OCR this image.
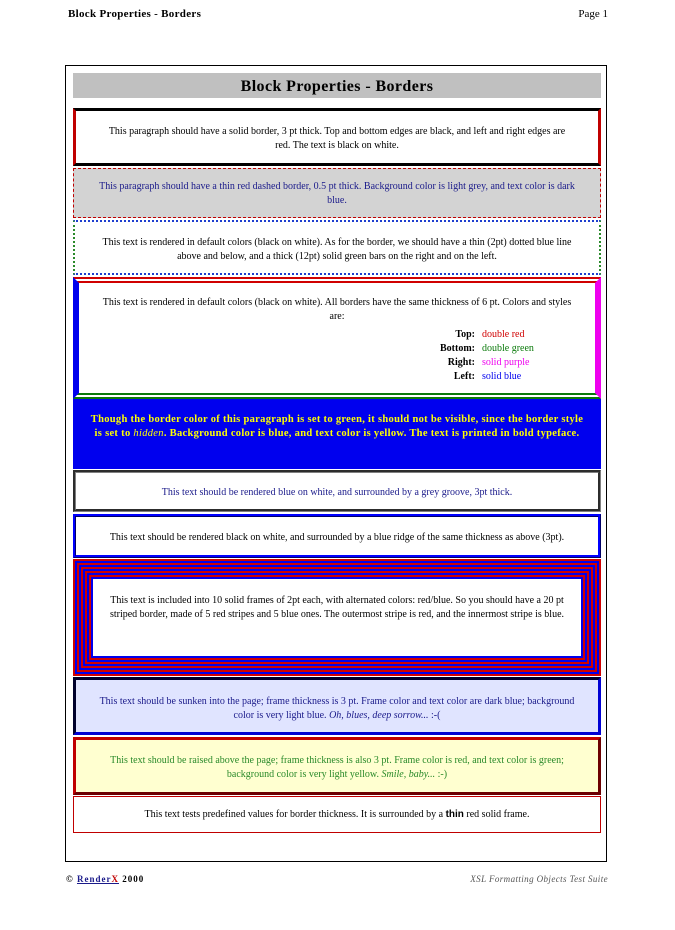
Block Properties - Borders	Page 1
Block Properties - Borders
This paragraph should have a solid border, 3 pt thick. Top and bottom edges are black, and left and right edges are red. The text is black on white.
This paragraph should have a thin red dashed border, 0.5 pt thick. Background color is light grey, and text color is dark blue.
This text is rendered in default colors (black on white). As for the border, we should have a thin (2pt) dotted blue line above and below, and a thick (12pt) solid green bars on the right and on the left.
This text is rendered in default colors (black on white). All borders have the same thickness of 6 pt. Colors and styles are:
Top: double red
Bottom: double green
Right: solid purple
Left: solid blue
Though the border color of this paragraph is set to green, it should not be visible, since the border style is set to hidden. Background color is blue, and text color is yellow. The text is printed in bold typeface.
This text should be rendered blue on white, and surrounded by a grey groove, 3pt thick.
This text should be rendered black on white, and surrounded by a blue ridge of the same thickness as above (3pt).
This text is included into 10 solid frames of 2pt each, with alternated colors: red/blue. So you should have a 20 pt striped border, made of 5 red stripes and 5 blue ones. The outermost stripe is red, and the innermost stripe is blue.
This text should be sunken into the page; frame thickness is 3 pt. Frame color and text color are dark blue; background color is very light blue. Oh, blues, deep sorrow... :-(
This text should be raised above the page; frame thickness is also 3 pt. Frame color is red, and text color is green; background color is very light yellow. Smile, baby... :-)
This text tests predefined values for border thickness. It is surrounded by a thin red solid frame.
© RenderX 2000	XSL Formatting Objects Test Suite
